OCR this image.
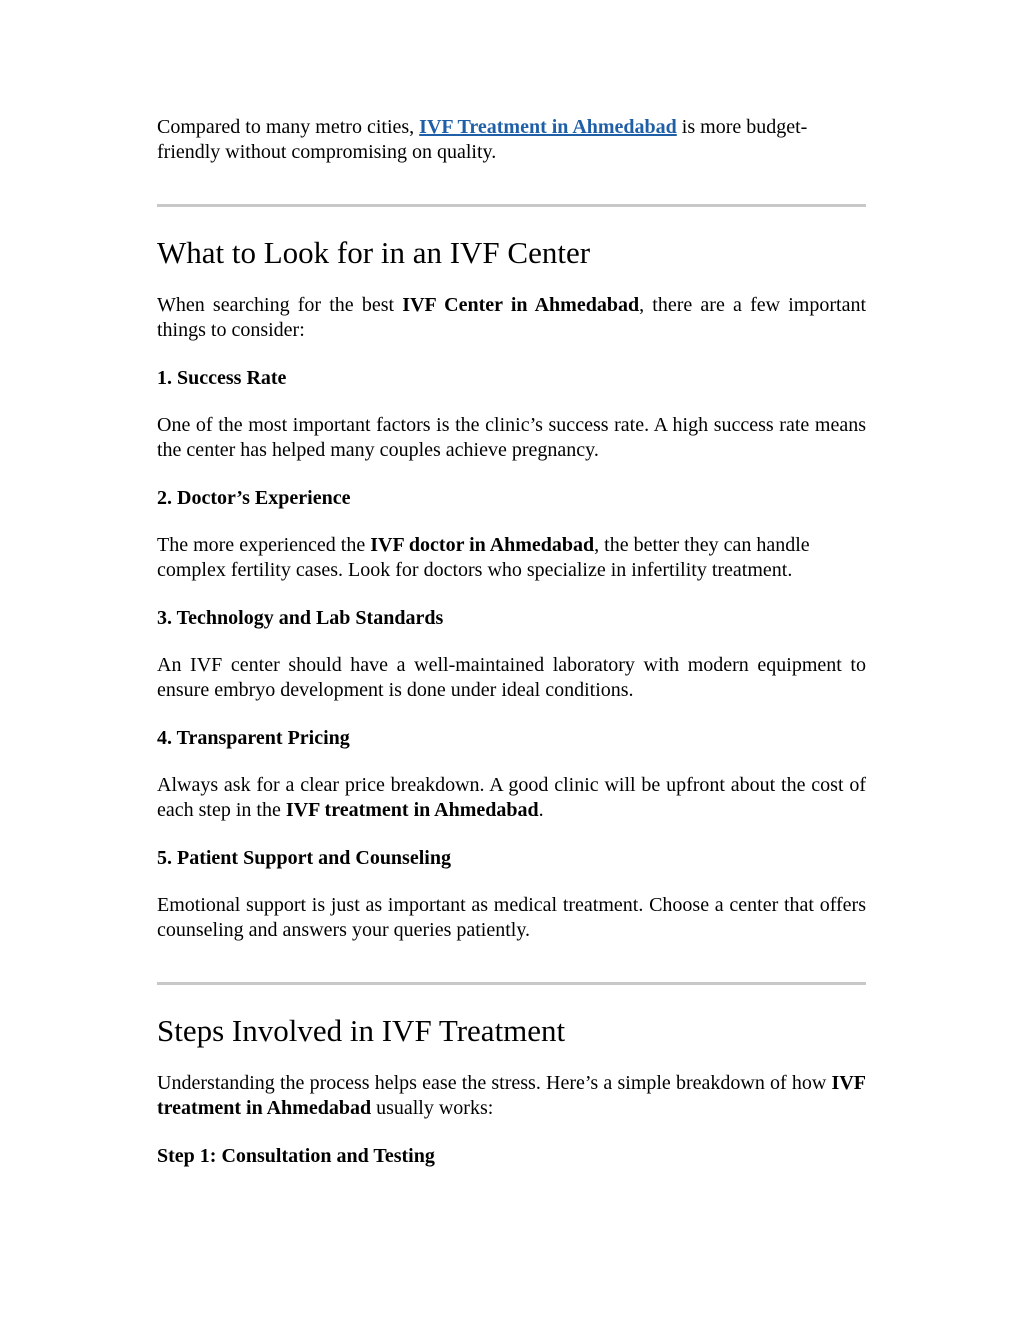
Compared to many metro cities, IVF Treatment in Ahmedabad is more budget-
friendly without compromising on quality.

What to Look for in an IVF Center

When searching for the best IVF Center in Ahmedabad, there are a few important things to consider:

1. Success Rate

One of the most important factors is the clinic’s success rate. A high success rate means the center has helped many couples achieve pregnancy.

2. Doctor’s Experience

The more experienced the IVF doctor in Ahmedabad, the better they can handle complex fertility cases. Look for doctors who specialize in infertility treatment.

3. Technology and Lab Standards

An IVF center should have a well-maintained laboratory with modern equipment to ensure embryo development is done under ideal conditions.

4. Transparent Pricing

Always ask for a clear price breakdown. A good clinic will be upfront about the cost of each step in the IVF treatment in Ahmedabad.

5. Patient Support and Counseling

Emotional support is just as important as medical treatment. Choose a center that offers counseling and answers your queries patiently.

Steps Involved in IVF Treatment

Understanding the process helps ease the stress. Here’s a simple breakdown of how IVF treatment in Ahmedabad usually works:

Step 1: Consultation and Testing
